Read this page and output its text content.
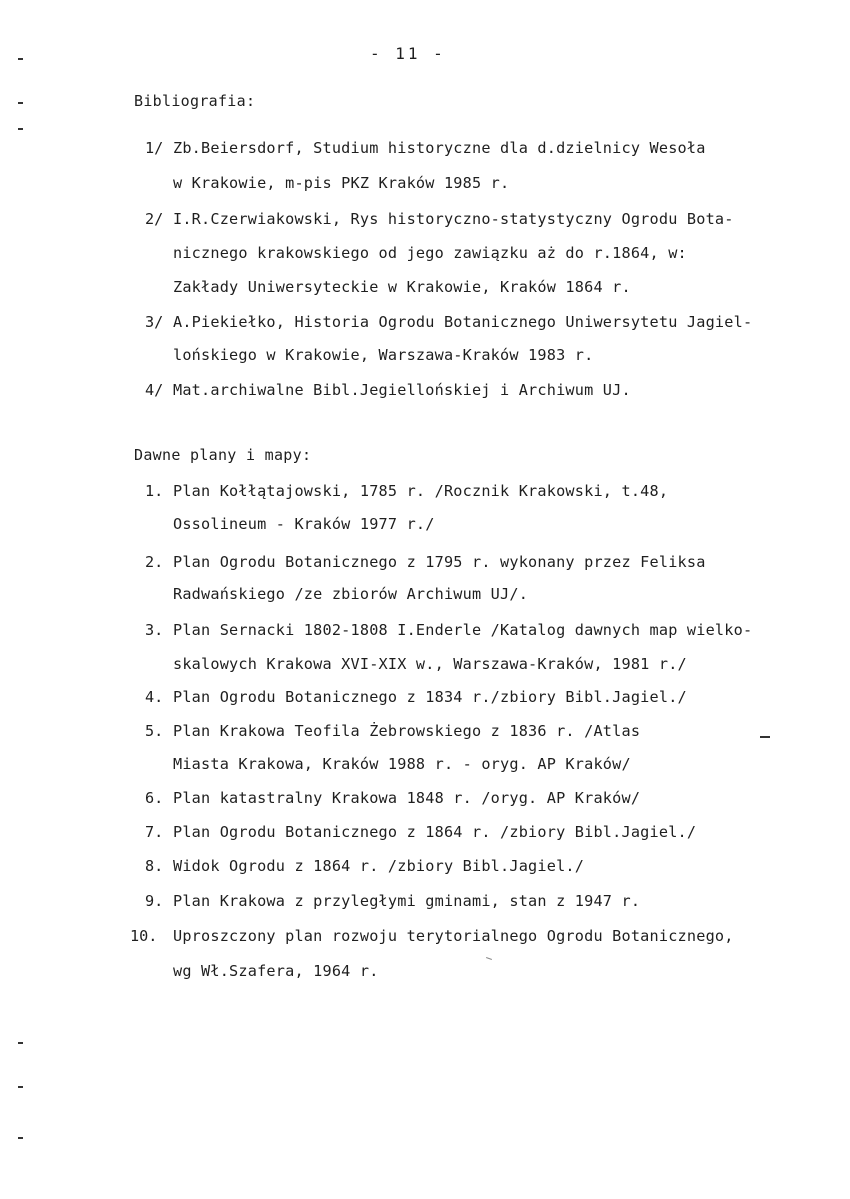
- 11 -
Bibliografia:
1/ Zb.Beiersdorf, Studium historyczne dla d.dzielnicy Wesoła
w Krakowie, m-pis PKZ Kraków 1985 r.
2/ I.R.Czerwiakowski, Rys historyczno-statystyczny Ogrodu Bota-
nicznego krakowskiego od jego zawiązku aż do r.1864, w:
Zakłady Uniwersyteckie w Krakowie, Kraków 1864 r.
3/ A.Piekiełko, Historia Ogrodu Botanicznego Uniwersytetu Jagiel-
lońskiego w Krakowie, Warszawa-Kraków 1983 r.
4/ Mat.archiwalne Bibl.Jegiellońskiej i Archiwum UJ.
Dawne plany i mapy:
1. Plan Kołłątajowski, 1785 r. /Rocznik Krakowski, t.48,
Ossolineum - Kraków 1977 r./
2. Plan Ogrodu Botanicznego z 1795 r. wykonany przez Feliksa
Radwańskiego /ze zbiorów Archiwum UJ/.
3. Plan Sernacki 1802-1808 I.Enderle /Katalog dawnych map wielko-
skalowych Krakowa XVI-XIX w., Warszawa-Kraków, 1981 r./
4. Plan Ogrodu Botanicznego z 1834 r./zbiory Bibl.Jagiel./
5. Plan Krakowa Teofila Żebrowskiego z 1836 r. /Atlas
Miasta Krakowa, Kraków 1988 r. - oryg. AP Kraków/
6. Plan katastralny Krakowa 1848 r. /oryg. AP Kraków/
7. Plan Ogrodu Botanicznego z 1864 r. /zbiory Bibl.Jagiel./
8. Widok Ogrodu z 1864 r. /zbiory Bibl.Jagiel./
9. Plan Krakowa z przyległymi gminami, stan z 1947 r.
10. Uproszczony plan rozwoju terytorialnego Ogrodu Botanicznego,
wg Wł.Szafera, 1964 r.
